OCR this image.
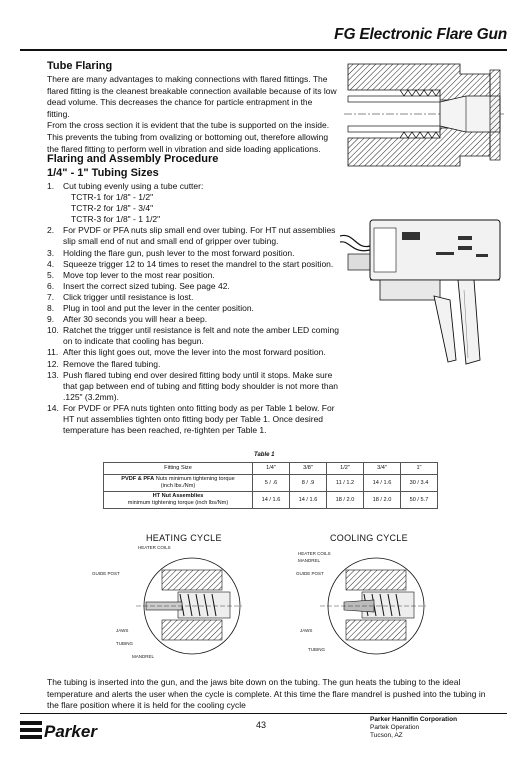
FG Electronic Flare Gun
Tube Flaring
There are many advantages to making connections with flared fittings. The
flared fitting is the cleanest breakable connection available because of its low
dead volume. This decreases the chance for particle entrapment in the fitting.
From the cross section it is evident that the tube is supported on the inside.
This prevents the tubing from ovalizing or bottoming out, therefore allowing
the flared fitting to perform well in vibration and side loading applications.
Flaring and Assembly Procedure
1/4" - 1" Tubing Sizes
1. Cut tubing evenly using a tube cutter:
TCTR-1 for 1/8" - 1/2"
TCTR-2 for 1/8" - 3/4"
TCTR-3 for 1/8" - 1 1/2"
2. For PVDF or PFA nuts slip small end over tubing. For HT nut assemblies
slip small end of nut and small end of gripper over tubing.
3. Holding the flare gun, push lever to the most forward position.
4. Squeeze trigger 12 to 14 times to reset the mandrel to the start position.
5. Move top lever to the most rear position.
6. Insert the correct sized tubing. See page 42.
7. Click trigger until resistance is lost.
8. Plug in tool and put the lever in the center position.
9. After 30 seconds you will hear a beep.
10. Ratchet the trigger until resistance is felt and note the amber LED coming
on to indicate that cooling has begun.
11. After this light goes out, move the lever into the most forward position.
12. Remove the flared tubing.
13. Push flared tubing end over desired fitting body until it stops. Make sure
that gap between end of tubing and fitting body shoulder is not more than
.125" (3.2mm).
14. For PVDF or PFA nuts tighten onto fitting body as per Table 1 below. For
HT nut assemblies tighten onto fitting body per Table 1. Once desired
temperature has been reached, re-tighten per Table 1.
Table 1
Fitting Size	1/4"	3/8"	1/2"	3/4"	1"
PVDF & PFA Nuts minimum tightening torque
(inch lbs./Nm)	5 / .6	8 / .9	11 / 1.2	14 / 1.6	30 / 3.4
HT Nut Assemblies
minimum tightening torque (inch lbs/Nm)	14 / 1.6	14 / 1.6	18 / 2.0	18 / 2.0	50 / 5.7
HEATING CYCLE
HEATER COILS
GUIDE POST
JAWS
TUBING
MANDREL
COOLING CYCLE
HEATER COILS
MANDREL
GUIDE POST
JAWS
TUBING
The tubing is inserted into the gun, and the jaws bite down on the tubing. The gun heats the tubing to the ideal
temperature and alerts the user when the cycle is complete. At this time the flare mandrel is pushed into the tubing in
the flare position where it is held for the cooling cycle
Parker	43
Parker Hannifin Corporation
Partek Operation
Tucson, AZ
